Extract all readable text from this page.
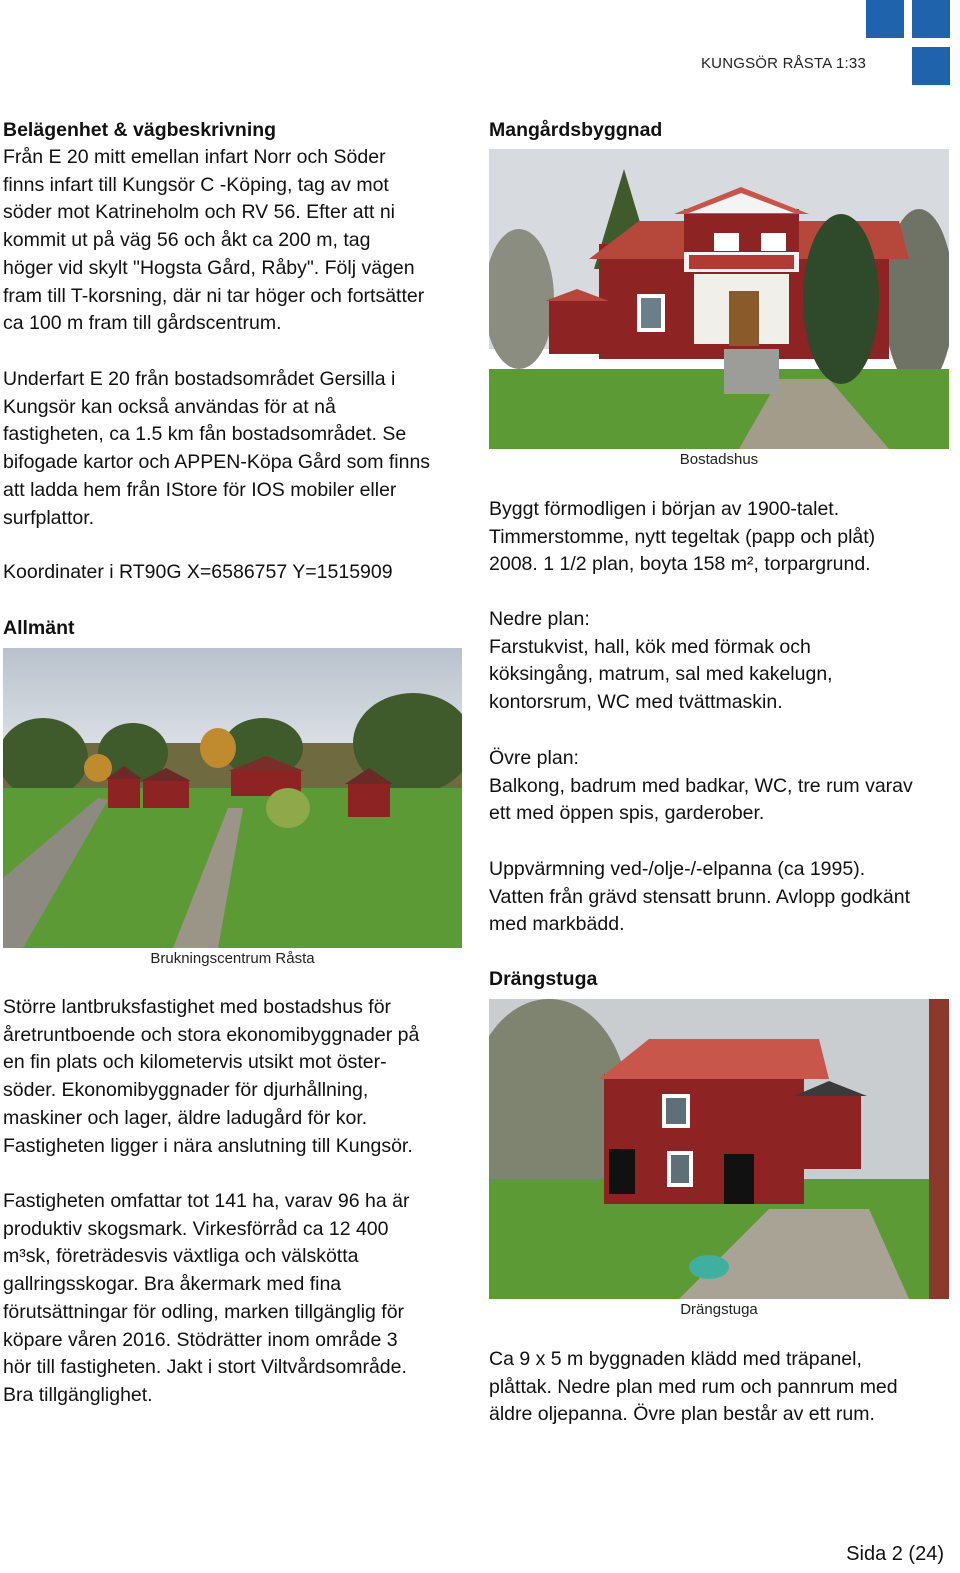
KUNGSÖR RÅSTA 1:33

Belägenhet & vägbeskrivning

Från E 20 mitt emellan infart Norr och Söder
finns infart till Kungsör C -Köping, tag av mot
söder mot Katrineholm och RV 56. Efter att ni
kommit ut på väg 56 och åkt ca 200 m, tag
höger vid skylt "Hogsta Gård, Råby". Följ vägen
fram till T-korsning, där ni tar höger och fortsätter
ca 100 m fram till gårdscentrum.

Underfart E 20 från bostadsområdet Gersilla i
Kungsör kan också användas för at nå
fastigheten, ca 1.5 km fån bostadsområdet. Se
bifogade kartor och APPEN-Köpa Gård som finns
att ladda hem från IStore för IOS mobiler eller
surfplattor.

Koordinater i RT90G X=6586757 Y=1515909

Allmänt

Brukningscentrum Råsta

Större lantbruksfastighet med bostadshus för
åretruntboende och stora ekonomibyggnader på
en fin plats och kilometervis utsikt mot öster-
söder. Ekonomibyggnader för djurhållning,
maskiner och lager, äldre ladugård för kor.
Fastigheten ligger i nära anslutning till Kungsör.

Fastigheten omfattar tot 141 ha, varav 96 ha är
produktiv skogsmark. Virkesförråd ca 12 400
m³sk, företrädesvis växtliga och välskötta
gallringsskogar. Bra åkermark med fina
förutsättningar för odling, marken tillgänglig för
köpare våren 2016. Stödrätter inom område 3
hör till fastigheten. Jakt i stort Viltvårdsområde.
Bra tillgänglighet.

Mangårdsbyggnad

Bostadshus

Byggt förmodligen i början av 1900-talet.
Timmerstomme, nytt tegeltak (papp och plåt)
2008. 1 1/2 plan, boyta 158 m², torpargrund.

Nedre plan:
Farstukvist, hall, kök med förmak och
köksingång, matrum, sal med kakelugn,
kontorsrum, WC med tvättmaskin.

Övre plan:
Balkong, badrum med badkar, WC, tre rum varav
ett med öppen spis, garderober.

Uppvärmning ved-/olje-/-elpanna (ca 1995).
Vatten från grävd stensatt brunn. Avlopp godkänt
med markbädd.

Drängstuga

Drängstuga

Ca 9 x 5 m byggnaden klädd med träpanel,
plåttak. Nedre plan med rum och pannrum med
äldre oljepanna. Övre plan består av ett rum.

Sida 2 (24)
